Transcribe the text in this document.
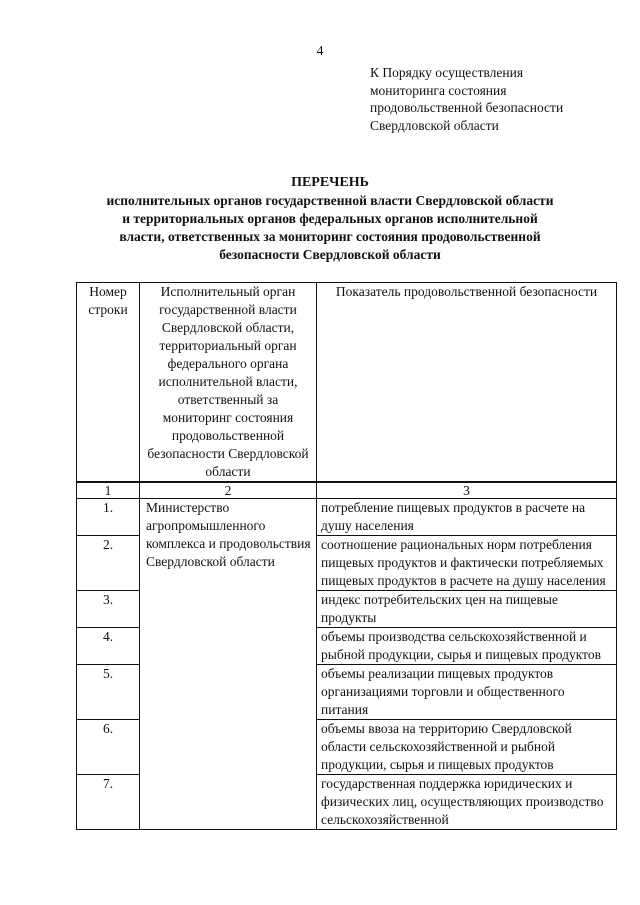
4
К Порядку осуществления
мониторинга состояния
продовольственной безопасности
Свердловской области
ПЕРЕЧЕНЬ
исполнительных органов государственной власти Свердловской области
и территориальных органов федеральных органов исполнительной
власти, ответственных за мониторинг состояния продовольственной
безопасности Свердловской области
Номер строки	Исполнительный орган государственной власти Свердловской области, территориальный орган федерального органа исполнительной власти, ответственный за мониторинг состояния продовольственной безопасности Свердловской области	Показатель продовольственной безопасности
1	2	3
1.	Министерство агропромышленного комплекса и продовольствия Свердловской области	потребление пищевых продуктов в расчете на душу населения
2.		соотношение рациональных норм потребления пищевых продуктов и фактически потребляемых пищевых продуктов в расчете на душу населения
3.		индекс потребительских цен на пищевые продукты
4.		объемы производства сельскохозяйственной и рыбной продукции, сырья и пищевых продуктов
5.		объемы реализации пищевых продуктов организациями торговли и общественного питания
6.		объемы ввоза на территорию Свердловской области сельскохозяйственной и рыбной продукции, сырья и пищевых продуктов
7.		государственная поддержка юридических и физических лиц, осуществляющих производство сельскохозяйственной
